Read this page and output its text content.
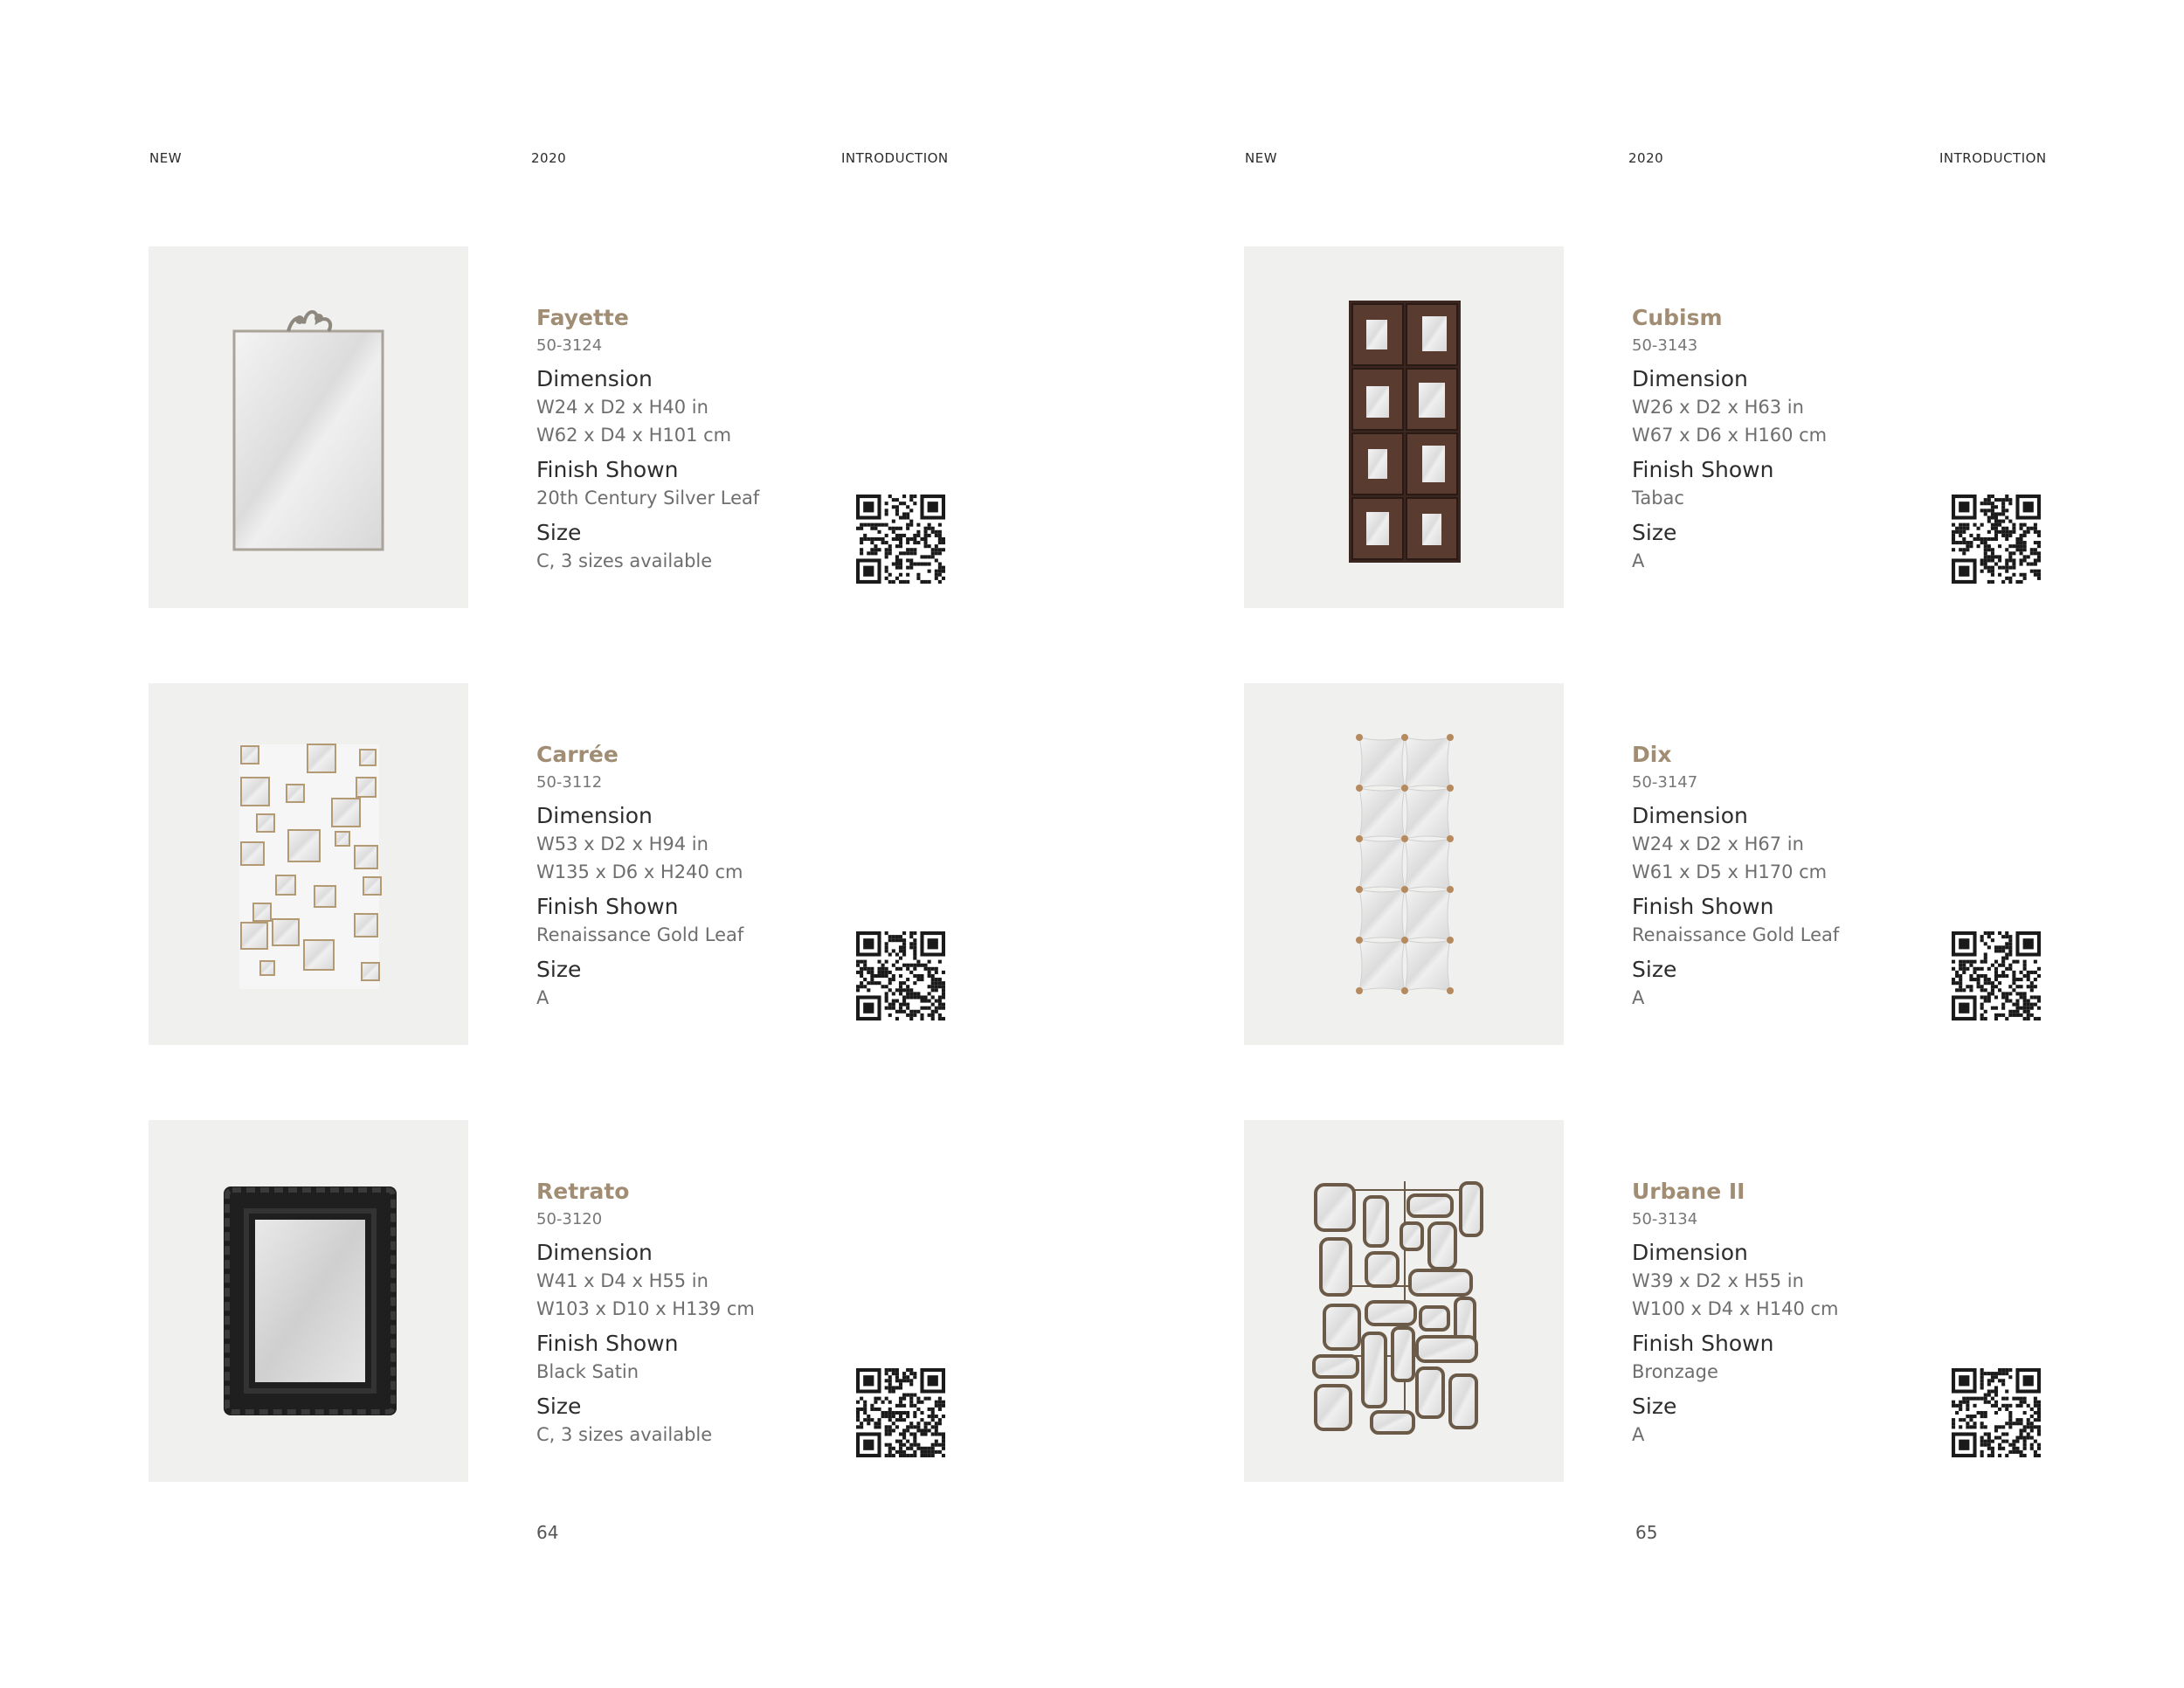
NEW	2020	INTRODUCTION

Fayette

50-3124

Dimension
W24 x D2 x H40 in
W62 x D4 x H101 cm
Finish Shown
20th Century Silver Leaf
Size
C, 3 sizes available

Carrée

50-3112

Dimension
W53 x D2 x H94 in
W135 x D6 x H240 cm
Finish Shown
Renaissance Gold Leaf
Size
A

Retrato

50-3120

Dimension
W41 x D4 x H55 in
W103 x D10 x H139 cm
Finish Shown
Black Satin
Size
C, 3 sizes available
64
NEW	2020	INTRODUCTION

Cubism

50-3143

Dimension
W26 x D2 x H63 in
W67 x D6 x H160 cm
Finish Shown
Tabac
Size
A

Dix

50-3147

Dimension
W24 x D2 x H67 in
W61 x D5 x H170 cm
Finish Shown
Renaissance Gold Leaf
Size
A

Urbane II

50-3134

Dimension
W39 x D2 x H55 in
W100 x D4 x H140 cm
Finish Shown
Bronzage
Size
A
65
